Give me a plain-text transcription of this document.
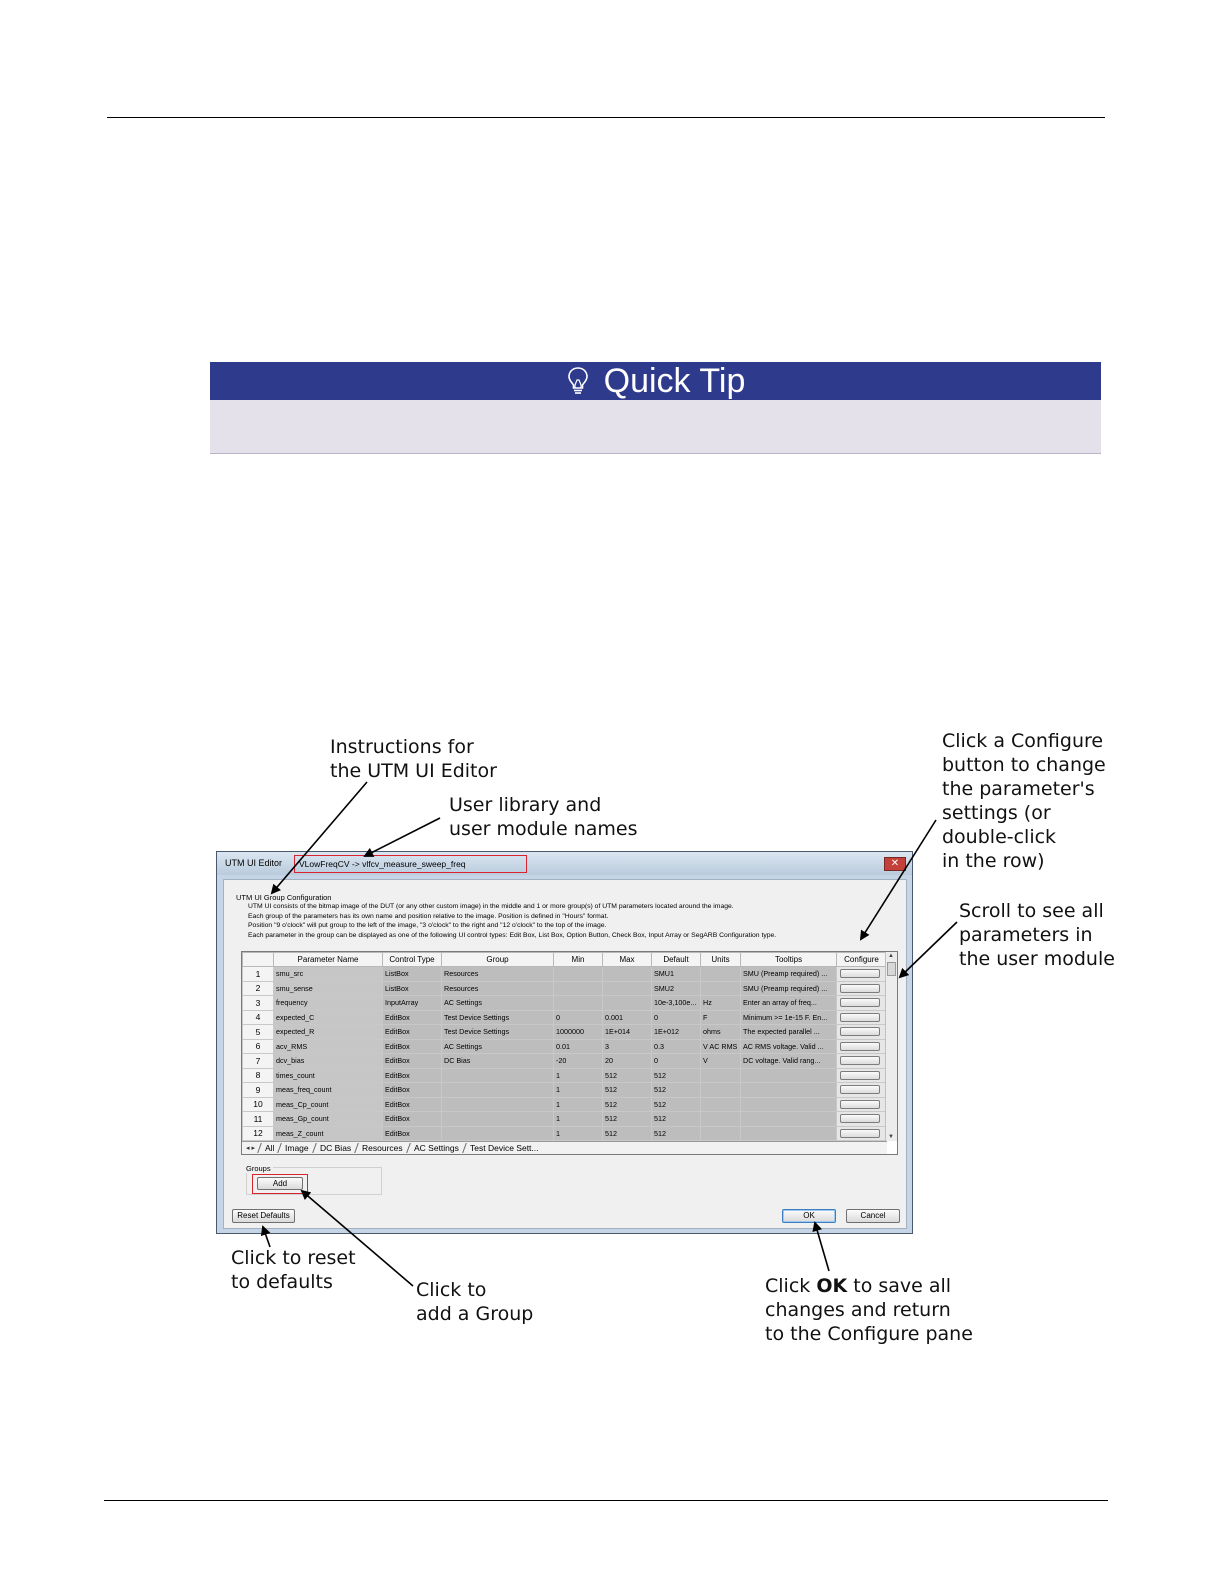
Quick Tip
Instructions for
the UTM UI Editor
User library and
user module names
Click a Configure
button to change
the parameter's
settings (or
double-click
in the row)
Scroll to see all
parameters in
the user module
Click to reset
to defaults	Click to
add a Group
Click OK to save all
changes and return
to the Configure pane
UTM UI Editor	VLowFreqCV -> vlfcv_measure_sweep_freq	✕
UTM UI Group Configuration
UTM UI consists of the bitmap image of the DUT (or any other custom image) in the middle and 1 or more group(s) of UTM parameters located around the image.
Each group of the parameters has its own name and position relative to the image. Position is defined in "Hours" format.
Position "9 o'clock" will put group to the left of the image, "3 o'clock" to the right and "12 o'clock" to the top of the image.
Each parameter in the group can be displayed as one of the following UI control types: Edit Box, List Box, Option Button, Check Box, Input Array or SegARB Configuration type.
	Parameter Name	Control Type	Group	Min	Max	Default	Units	Tooltips	Configure
1	smu_src	ListBox	Resources			SMU1		SMU (Preamp required) ...	

2	smu_sense	ListBox	Resources			SMU2		SMU (Preamp required) ...	

3	frequency	InputArray	AC Settings			10e-3,100e...	Hz	Enter an array of freq...	

4	expected_C	EditBox	Test Device Settings	0	0.001	0	F	Minimum >= 1e-15 F. En...	

5	expected_R	EditBox	Test Device Settings	1000000	1E+014	1E+012	ohms	The expected parallel ...	

6	acv_RMS	EditBox	AC Settings	0.01	3	0.3	V AC RMS	AC RMS voltage. Valid ...	

7	dcv_bias	EditBox	DC Bias	-20	20	0	V	DC voltage. Valid rang...	

8	times_count	EditBox		1	512	512			

9	meas_freq_count	EditBox		1	512	512			

10	meas_Cp_count	EditBox		1	512	512			

11	meas_Gp_count	EditBox		1	512	512			

12	meas_Z_count	EditBox		1	512	512			
▲
▼
◂ ▸	All	Image	DC Bias	Resources	AC Settings	Test Device Sett...
Groups
Add
Reset Defaults	OK	Cancel
